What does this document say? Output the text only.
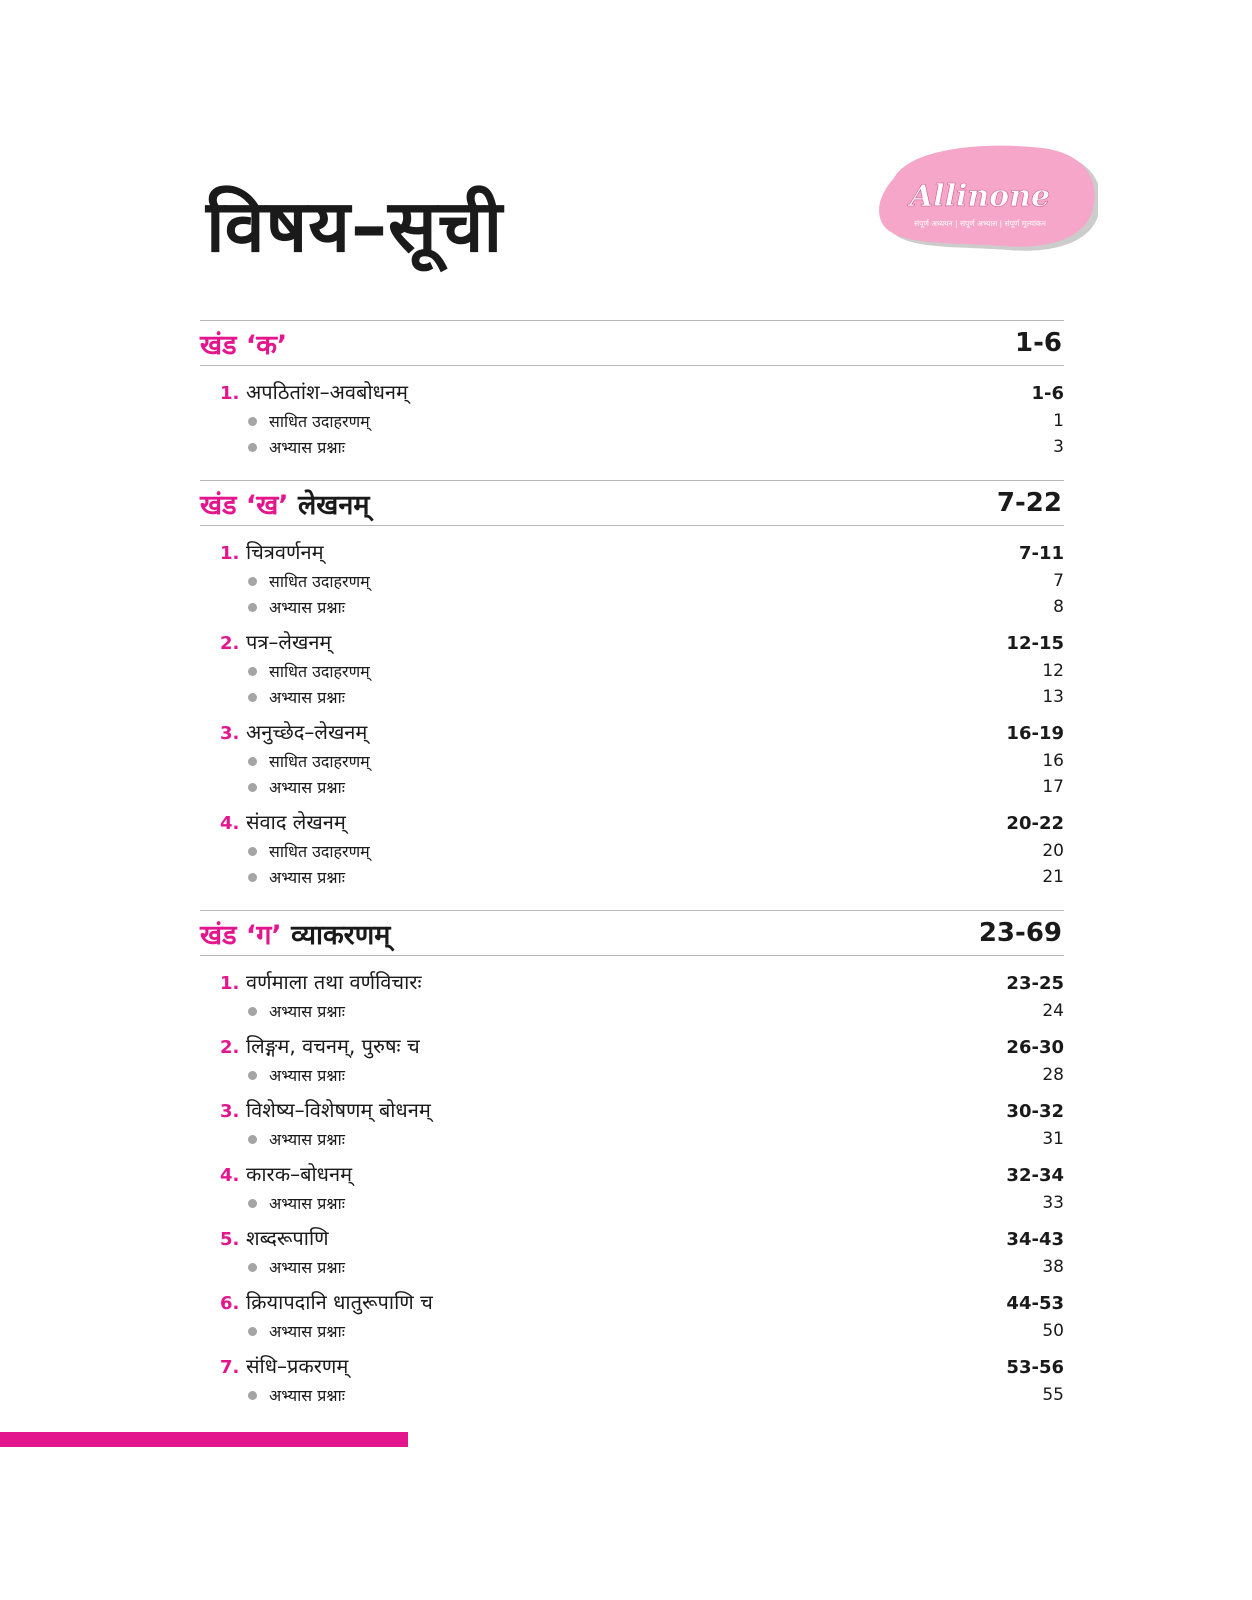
विषय–सूची	Allinone
संपूर्ण अध्ययन | संपूर्ण अभ्यास | संपूर्ण मूल्यांकन
खंड ‘क’	1-6
1. अपठितांश–अवबोधनम्	1-6
साधित उदाहरणम्	1
अभ्यास प्रश्नाः	3
खंड ‘ख’ लेखनम्	7-22
1. चित्रवर्णनम्	7-11
साधित उदाहरणम्	7
अभ्यास प्रश्नाः	8
2. पत्र–लेखनम्	12-15
साधित उदाहरणम्	12
अभ्यास प्रश्नाः	13
3. अनुच्छेद–लेखनम्	16-19
साधित उदाहरणम्	16
अभ्यास प्रश्नाः	17
4. संवाद लेखनम्	20-22
साधित उदाहरणम्	20
अभ्यास प्रश्नाः	21
खंड ‘ग’ व्याकरणम्	23-69
1. वर्णमाला तथा वर्णविचारः	23-25
अभ्यास प्रश्नाः	24
2. लिङ्गम, वचनम्, पुरुषः च	26-30
अभ्यास प्रश्नाः	28
3. विशेष्य–विशेषणम् बोधनम्	30-32
अभ्यास प्रश्नाः	31
4. कारक–बोधनम्	32-34
अभ्यास प्रश्नाः	33
5. शब्दरूपाणि	34-43
अभ्यास प्रश्नाः	38
6. क्रियापदानि धातुरूपाणि च	44-53
अभ्यास प्रश्नाः	50
7. संधि–प्रकरणम्	53-56
अभ्यास प्रश्नाः	55
